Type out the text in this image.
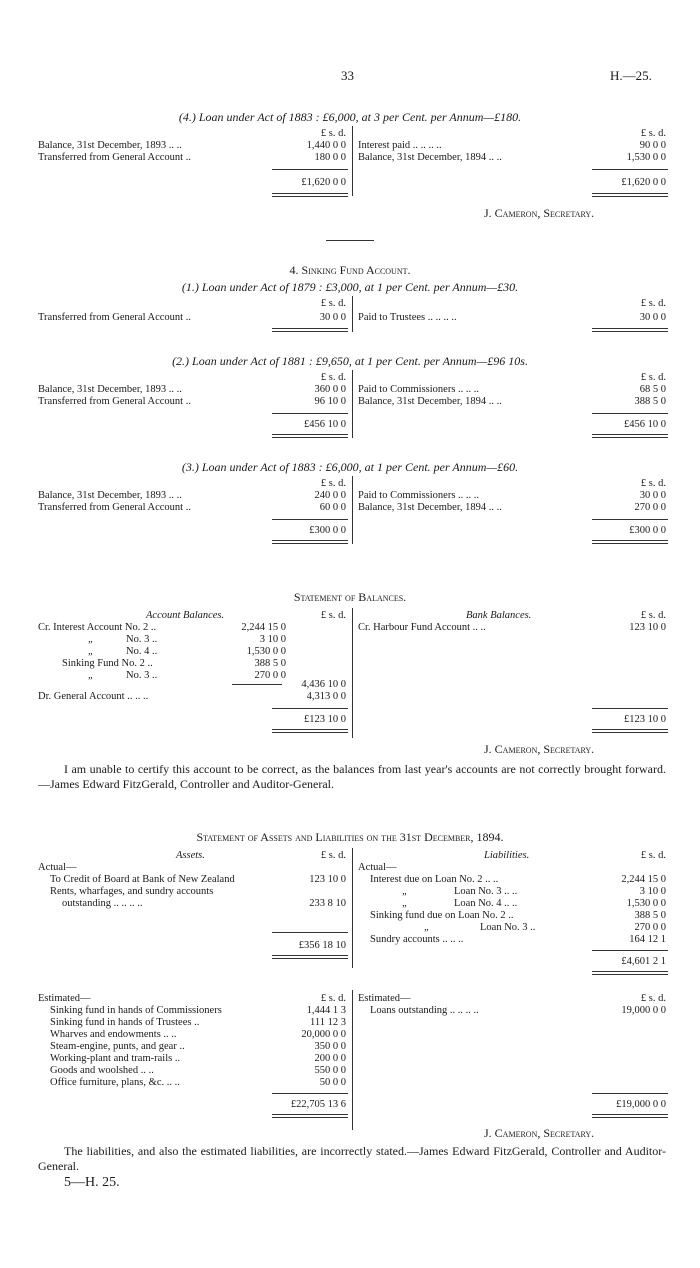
33	H.—25.
(4.) Loan under Act of 1883 : £6,000, at 3 per Cent. per Annum—£180.
£ s. d.	£ s. d.
Balance, 31st December, 1893 .. ..	1,440 0 0
Transferred from General Account ..	180 0 0
Interest paid .. .. .. ..	90 0 0
Balance, 31st December, 1894 .. ..	1,530 0 0
£1,620 0 0	£1,620 0 0
J. Cameron, Secretary.
4. Sinking Fund Account.
(1.) Loan under Act of 1879 : £3,000, at 1 per Cent. per Annum—£30.
£ s. d.	£ s. d.
Transferred from General Account ..	30 0 0 Paid to Trustees .. .. .. ..	30 0 0
(2.) Loan under Act of 1881 : £9,650, at 1 per Cent. per Annum—£96 10s.
£ s. d.	£ s. d.
Balance, 31st December, 1893 .. ..	360 0 0
Transferred from General Account ..	96 10 0
Paid to Commissioners .. .. ..	68 5 0
Balance, 31st December, 1894 .. ..	388 5 0
£456 10 0	£456 10 0
(3.) Loan under Act of 1883 : £6,000, at 1 per Cent. per Annum—£60.
£ s. d.	£ s. d.
Balance, 31st December, 1893 .. ..	240 0 0
Transferred from General Account ..	60 0 0
Paid to Commissioners .. .. ..	30 0 0
Balance, 31st December, 1894 .. ..	270 0 0
£300 0 0	£300 0 0
Statement of Balances.
Account Balances.	£ s. d.	Bank Balances.	£ s. d.
Cr. Interest Account No. 2 ..	2,244 15 0
„	No. 3 ..	3 10 0
„	No. 4 ..	1,530 0 0
Sinking Fund No. 2 ..	388 5 0
„	No. 3 ..	270 0 0
4,436 10 0
Dr. General Account .. .. ..	4,313 0 0
Cr. Harbour Fund Account .. ..	123 10 0
£123 10 0	£123 10 0
J. Cameron, Secretary.
I am unable to certify this account to be correct, as the balances from last year's accounts are not correctly brought forward.—James Edward FitzGerald, Controller and Auditor-General.
Statement of Assets and Liabilities on the 31st December, 1894.
Assets.	£ s. d.	Liabilities.	£ s. d.
Actual—
To Credit of Board at Bank of New Zealand	123 10 0
Rents, wharfages, and sundry accounts
outstanding .. .. .. ..	233 8 10
£356 18 10
Actual—
Interest due on Loan No. 2 .. ..	2,244 15 0
„	Loan No. 3 .. ..	3 10 0
„	Loan No. 4 .. ..	1,530 0 0
Sinking fund due on Loan No. 2 ..	388 5 0
„	Loan No. 3 ..	270 0 0
Sundry accounts .. .. ..	164 12 1
£4,601 2 1
Estimated—	£ s. d.
Sinking fund in hands of Commissioners	1,444 1 3
Sinking fund in hands of Trustees ..	111 12 3
Wharves and endowments .. ..	20,000 0 0
Steam-engine, punts, and gear ..	350 0 0
Working-plant and tram-rails ..	200 0 0
Goods and woolshed .. ..	550 0 0
Office furniture, plans, &c. .. ..	50 0 0
£22,705 13 6
Estimated—	£ s. d.
Loans outstanding .. .. .. ..	19,000 0 0
£19,000 0 0
J. Cameron, Secretary.
The liabilities, and also the estimated liabilities, are incorrectly stated.—James Edward FitzGerald, Controller and Auditor-General.
5—H. 25.
